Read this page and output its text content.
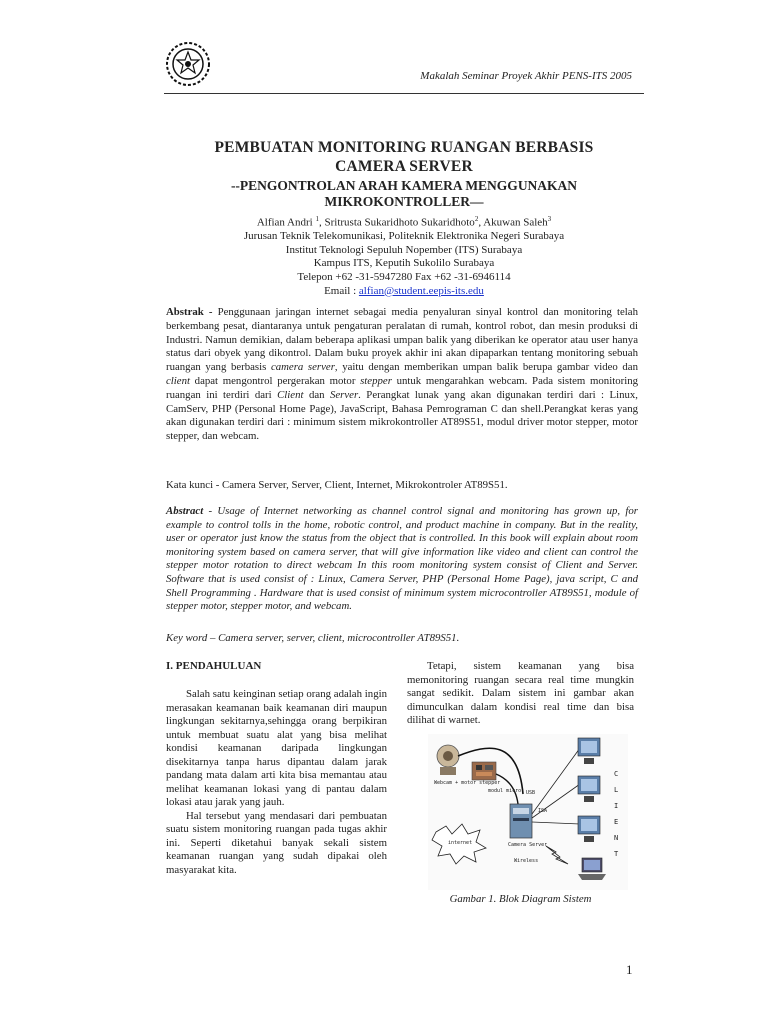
Makalah Seminar Proyek Akhir PENS-ITS 2005
PEMBUATAN MONITORING RUANGAN BERBASIS
CAMERA SERVER
--PENGONTROLAN ARAH KAMERA MENGGUNAKAN
MIKROKONTROLLER—
Alfian Andri $^1$, Sritrusta Sukaridhoto Sukaridhoto$^2$, Akuwan Saleh$^3$
Jurusan Teknik Telekomunikasi, Politeknik Elektronika Negeri Surabaya
Institut Teknologi Sepuluh Nopember (ITS) Surabaya
Kampus ITS, Keputih Sukolilo Surabaya
Telepon +62 -31-5947280 Fax +62 -31-6946114
Email : alfian@student.eepis-its.edu
Abstrak - Penggunaan jaringan internet sebagai media penyaluran sinyal kontrol dan monitoring telah berkembang pesat, diantaranya untuk pengaturan peralatan di rumah, kontrol robot, dan mesin produksi di Industri. Namun demikian, dalam beberapa aplikasi umpan balik yang diberikan ke operator atau user hanya status dari obyek yang dikontrol. Dalam buku proyek akhir ini akan dipaparkan tentang monitoring sebuah ruangan yang berbasis camera server, yaitu dengan memberikan umpan balik berupa gambar video dan client dapat mengontrol pergerakan motor stepper untuk mengarahkan webcam. Pada sistem monitoring ruangan ini terdiri dari Client dan Server. Perangkat lunak yang akan digunakan terdiri dari : Linux, CamServ, PHP (Personal Home Page), JavaScript, Bahasa Pemrograman C dan shell.Perangkat keras yang akan digunakan terdiri dari : minimum sistem mikrokontroller AT89S51, modul driver motor stepper, motor stepper, dan webcam.
Kata kunci - Camera Server, Server, Client, Internet, Mikrokontroler AT89S51.
Abstract - Usage of Internet networking as channel control signal and monitoring has grown up, for example to control tolls in the home, robotic control, and product machine in company. But in the reality, user or operator just know the status from the object that is controlled. In this book will explain about room monitoring system based on camera server, that will give information like video and client can control the stepper motor rotation to direct webcam In this room monitoring system consist of Client and Server. Software that is used consist of : Linux, Camera Server, PHP (Personal Home Page), java script, C and Shell Programming . Hardware that is used consist of minimum system microcontroller AT89S51, module of stepper motor, stepper motor, and webcam.
Key word – Camera server, server, client, microcontroller AT89S51.
I. PENDAHULUAN

Salah satu keinginan setiap orang adalah ingin merasakan keamanan baik keamanan diri maupun lingkungan sekitarnya,sehingga orang berpikiran untuk membuat suatu alat yang bisa melihat kondisi keamanan daripada lingkungan disekitarnya tanpa harus dipantau dalam jarak pandang mata dalam arti kita bisa memantau atau melihat keamanan lokasi yang di pantau dalam lokasi atau jarak yang jauh.

Hal tersebut yang mendasari dari pembuatan suatu sistem monitoring ruangan pada tugas akhir ini. Seperti diketahui banyak sekali sistem keamanan ruangan yang sudah dipakai oleh masyarakat kita.

Tetapi, sistem keamanan yang bisa memonitoring ruangan secara real time mungkin sangat sedikit. Dalam sistem ini gambar akan dimunculkan dalam kondisi real time dan bisa dilihat di warnet.

Webcam + motor stepper
modul micro USB
ISA
internet	Camera Server
Wireless
C
L
I
E
N
T
Gambar 1. Blok Diagram Sistem
1
